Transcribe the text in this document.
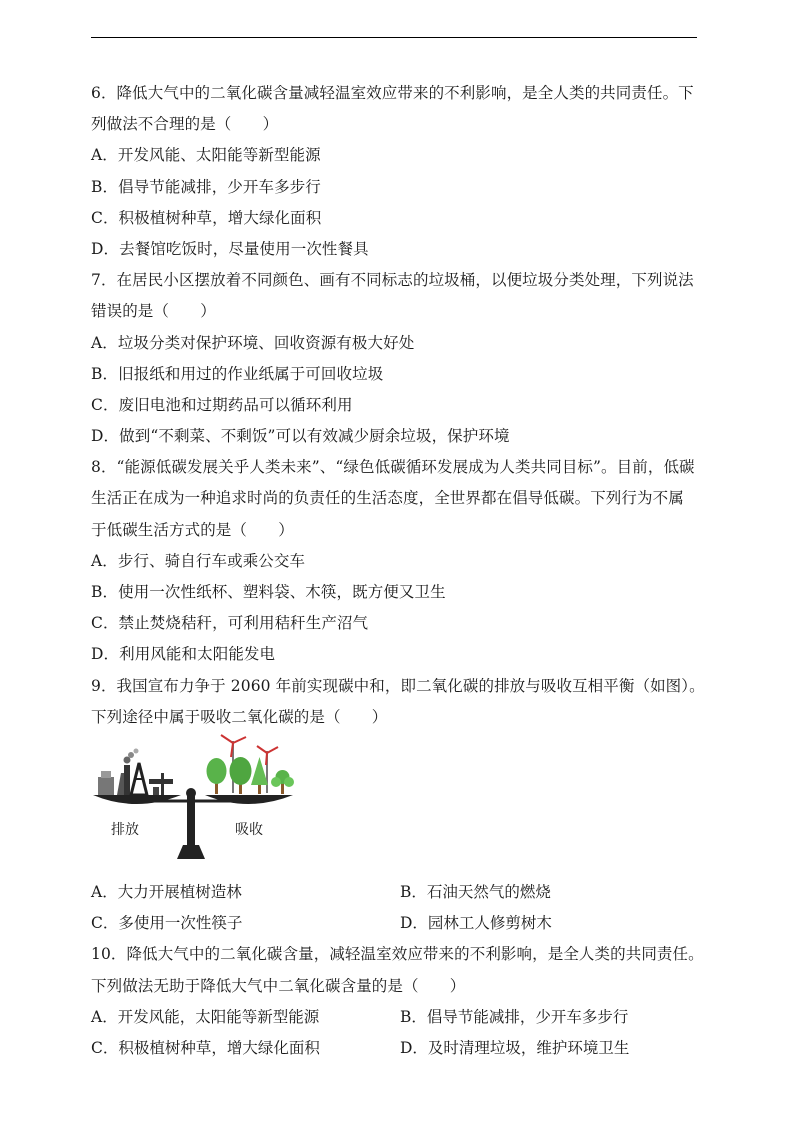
6．降低大气中的二氧化碳含量减轻温室效应带来的不利影响，是全人类的共同责任。下
列做法不合理的是（　　）
A．开发风能、太阳能等新型能源
B．倡导节能减排，少开车多步行
C．积极植树种草，增大绿化面积
D．去餐馆吃饭时，尽量使用一次性餐具
7．在居民小区摆放着不同颜色、画有不同标志的垃圾桶，以便垃圾分类处理，下列说法
错误的是（　　）
A．垃圾分类对保护环境、回收资源有极大好处
B．旧报纸和用过的作业纸属于可回收垃圾
C．废旧电池和过期药品可以循环利用
D．做到“不剩菜、不剩饭”可以有效减少厨余垃圾，保护环境
8．“能源低碳发展关乎人类未来”、“绿色低碳循环发展成为人类共同目标”。目前，低碳
生活正在成为一种追求时尚的负责任的生活态度，全世界都在倡导低碳。下列行为不属
于低碳生活方式的是（　　）
A．步行、骑自行车或乘公交车
B．使用一次性纸杯、塑料袋、木筷，既方便又卫生
C．禁止焚烧秸秆，可利用秸秆生产沼气
D．利用风能和太阳能发电
9．我国宣布力争于 2060 年前实现碳中和，即二氧化碳的排放与吸收互相平衡（如图）。
下列途径中属于吸收二氧化碳的是（　　）
排放	吸收
A．大力开展植树造林	B．石油天然气的燃烧
C．多使用一次性筷子	D．园林工人修剪树木
10．降低大气中的二氧化碳含量，减轻温室效应带来的不利影响，是全人类的共同责任。
下列做法无助于降低大气中二氧化碳含量的是（　　）
A．开发风能，太阳能等新型能源	B．倡导节能减排，少开车多步行
C．积极植树种草，增大绿化面积	D．及时清理垃圾，维护环境卫生
